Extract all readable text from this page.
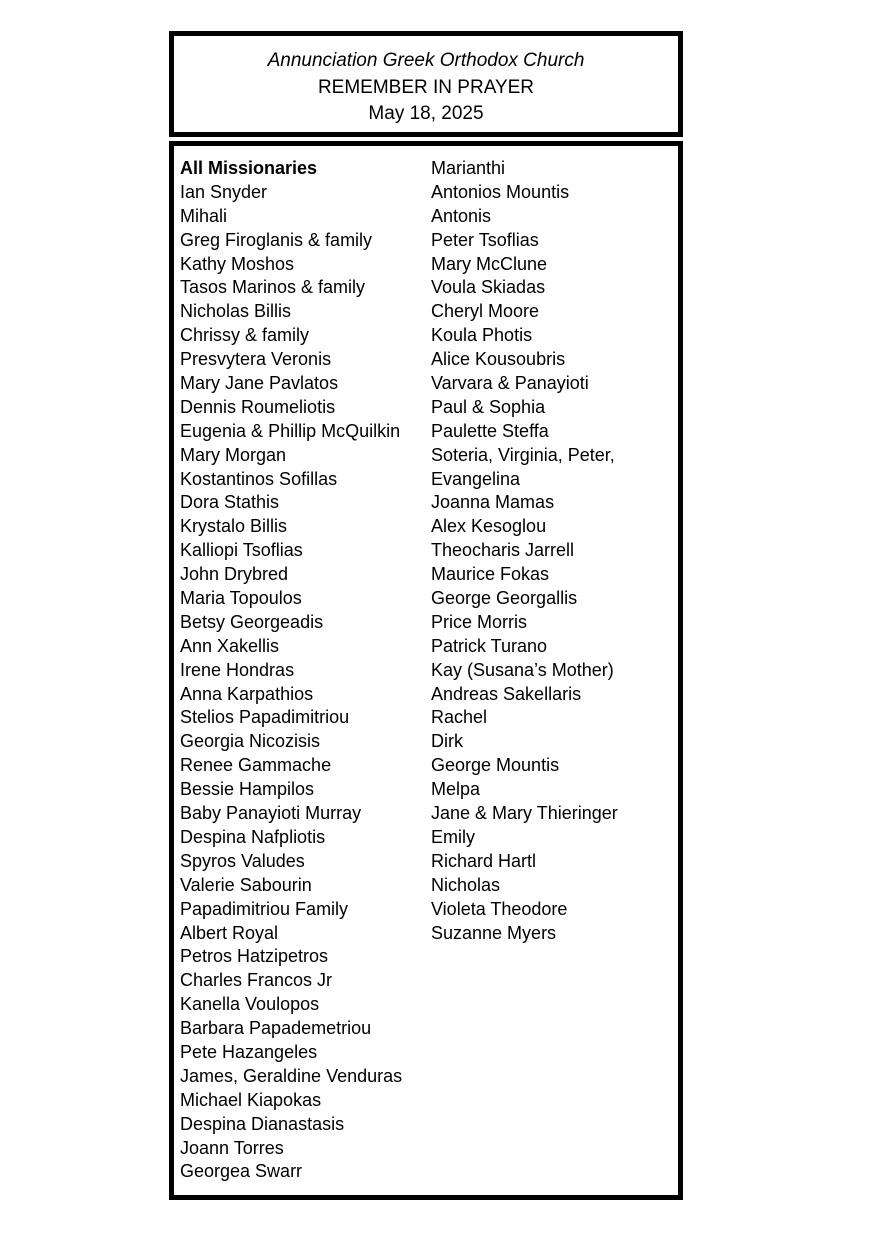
Annunciation Greek Orthodox Church
REMEMBER IN PRAYER
May 18, 2025
All Missionaries
Ian Snyder
Mihali
Greg Firoglanis & family
Kathy Moshos
Tasos Marinos & family
Nicholas Billis
Chrissy & family
Presvytera Veronis
Mary Jane Pavlatos
Dennis Roumeliotis
Eugenia & Phillip McQuilkin
Mary Morgan
Kostantinos Sofillas
Dora Stathis
Krystalo Billis
Kalliopi Tsoflias
John Drybred
Maria Topoulos
Betsy Georgeadis
Ann Xakellis
Irene Hondras
Anna Karpathios
Stelios Papadimitriou
Georgia Nicozisis
Renee Gammache
Bessie Hampilos
Baby Panayioti Murray
Despina Nafpliotis
Spyros Valudes
Valerie Sabourin
Papadimitriou Family
Albert Royal
Petros Hatzipetros
Charles Francos Jr
Kanella Voulopos
Barbara Papademetriou
Pete Hazangeles
James, Geraldine Venduras
Michael Kiapokas
Despina Dianastasis
Joann Torres
Georgea Swarr
Marianthi
Antonios Mountis
Antonis
Peter Tsoflias
Mary McClune
Voula Skiadas
Cheryl Moore
Koula Photis
Alice Kousoubris
Varvara & Panayioti
Paul & Sophia
Paulette Steffa
Soteria, Virginia, Peter,
Evangelina
Joanna Mamas
Alex Kesoglou
Theocharis Jarrell
Maurice Fokas
George Georgallis
Price Morris
Patrick Turano
Kay (Susana’s Mother)
Andreas Sakellaris
Rachel
Dirk
George Mountis
Melpa
Jane & Mary Thieringer
Emily
Richard Hartl
Nicholas
Violeta Theodore
Suzanne Myers
